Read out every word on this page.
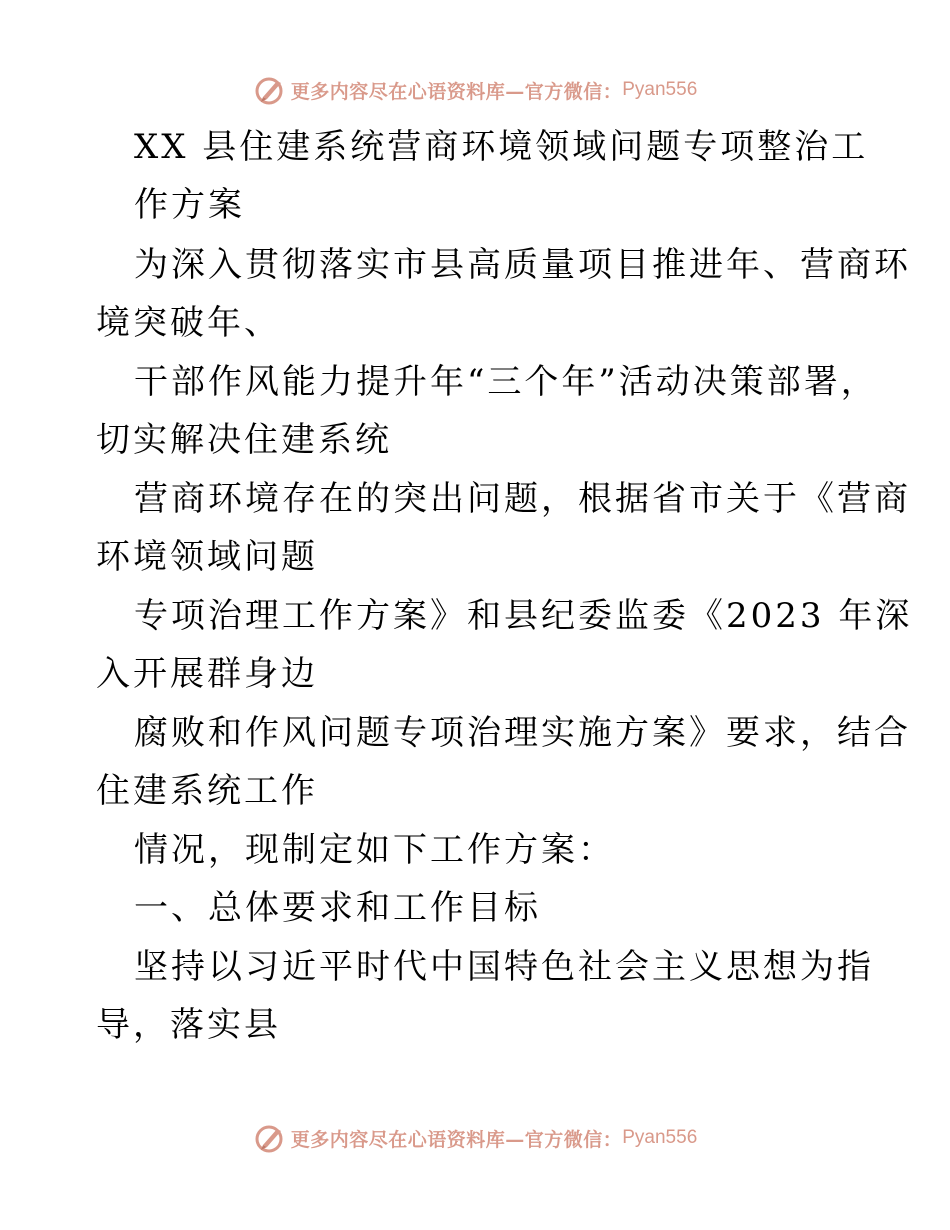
更多内容尽在心语资料库—官方微信： Pyan556
XX 县住建系统营商环境领域问题专项整治工
作方案
为深入贯彻落实市县高质量项目推进年、营商环
境突破年、
干部作风能力提升年“三个年”活动决策部署，
切实解决住建系统
营商环境存在的突出问题，根据省市关于《营商
环境领域问题
专项治理工作方案》和县纪委监委《2023 年深
入开展群身边
腐败和作风问题专项治理实施方案》要求，结合
住建系统工作
情况，现制定如下工作方案：
一、总体要求和工作目标
坚持以习近平时代中国特色社会主义思想为指
导，落实县
更多内容尽在心语资料库—官方微信： Pyan556
